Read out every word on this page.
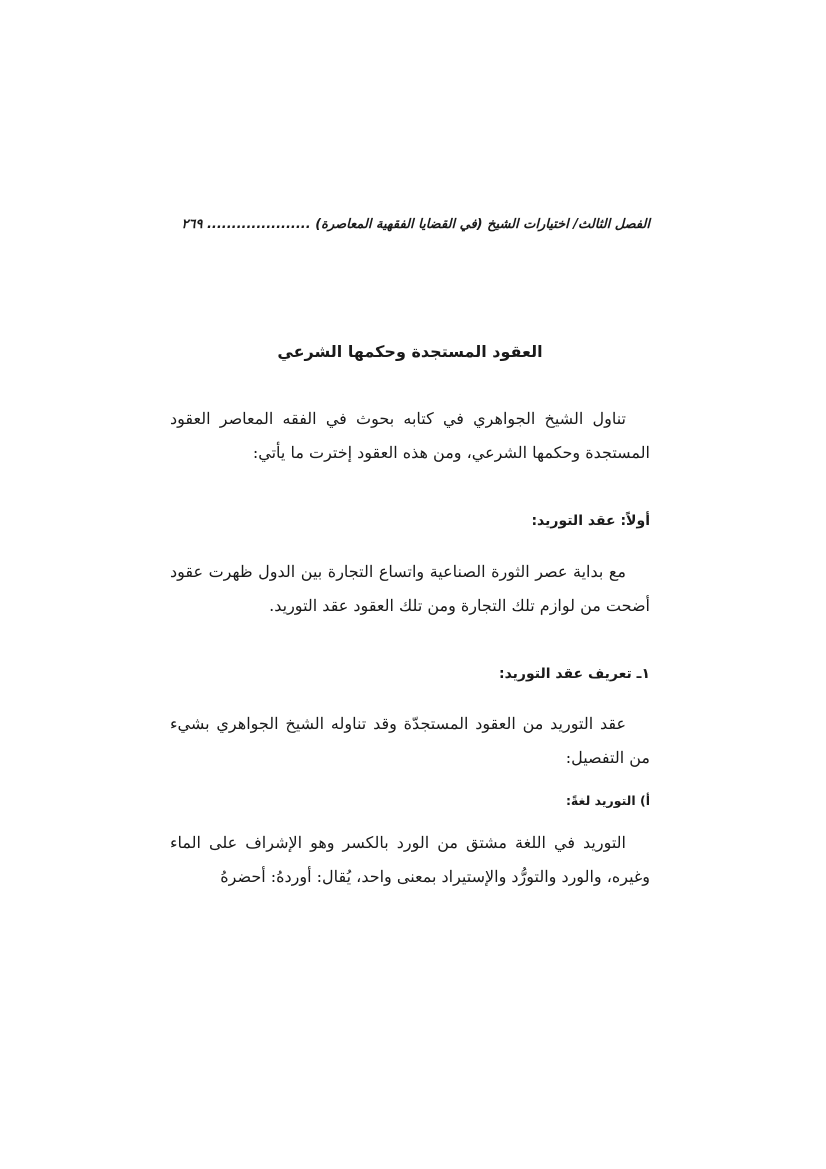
الفصل الثالث/ اختيارات الشيخ (في القضايا الفقهية المعاصرة) ..................... ٢٦٩
العقود المستجدة وحكمها الشرعي
تناول الشيخ الجواهري في كتابه بحوث في الفقه المعاصر العقود المستجدة وحكمها الشرعي، ومن هذه العقود إخترت ما يأتي:
أولاً: عقد التوريد:
مع بداية عصر الثورة الصناعية واتساع التجارة بين الدول ظهرت عقود أضحت من لوازم تلك التجارة ومن تلك العقود عقد التوريد.
١ـ تعريف عقد التوريد:
عقد التوريد من العقود المستجدّة وقد تناوله الشيخ الجواهري بشيء من التفصيل:
أ) التوريد لغةً:
التوريد في اللغة مشتق من الورد بالكسر وهو الإشراف على الماء وغيره، والورد والتورُّد والإستيراد بمعنى واحد، يُقال: أوردهُ: أحضرهُ
